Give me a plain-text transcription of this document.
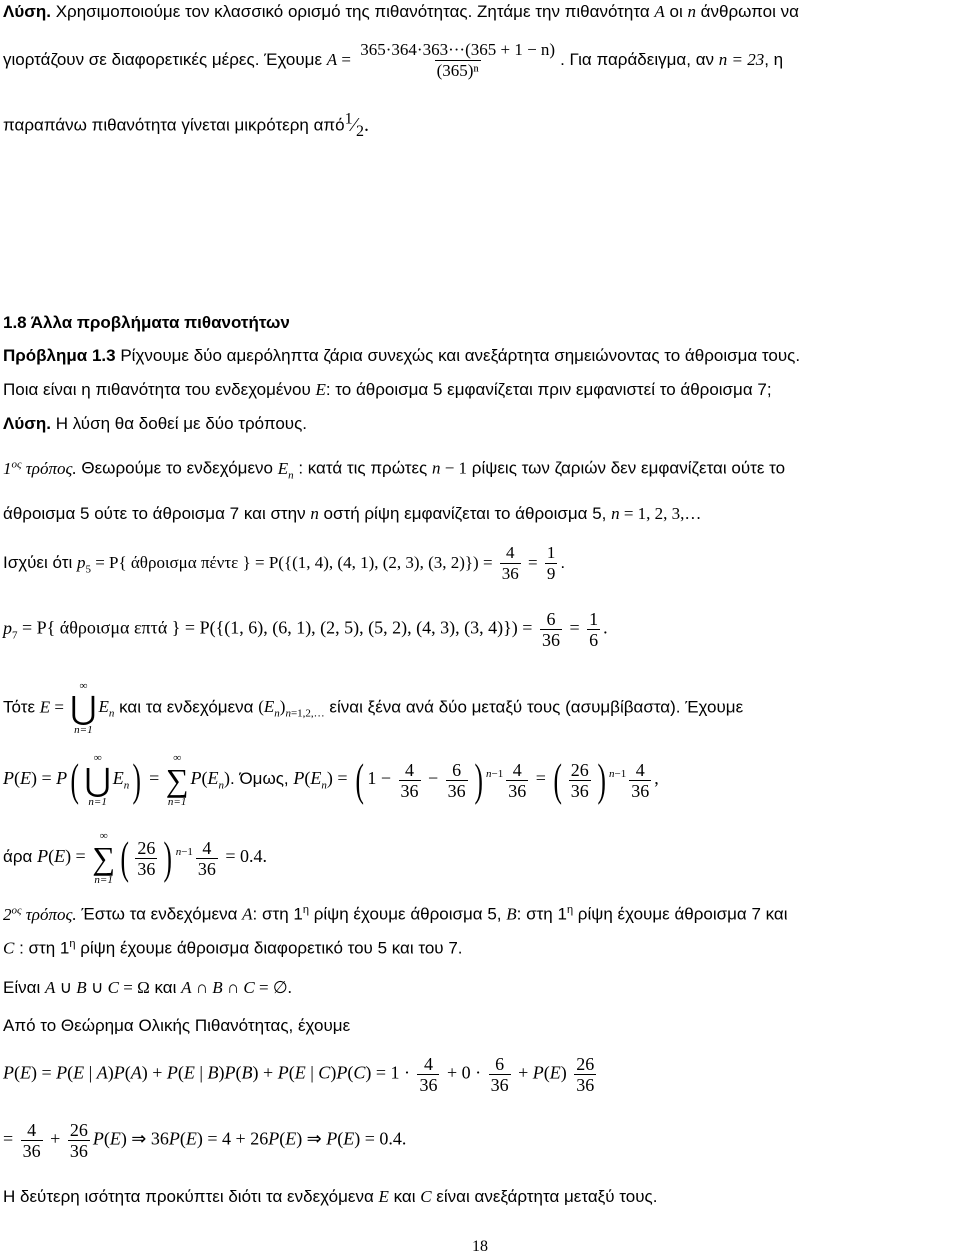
Λύση. Χρησιμοποιούμε τον κλασσικό ορισμό της πιθανότητας. Ζητάμε την πιθανότητα A οι n άνθρωποι να
γιορτάζουν σε διαφορετικές μέρες. Έχουμε $A = \frac{365\cdot 364\cdot 363\cdot\cdot\cdot(365 + 1 - n)}{\text{(365)ⁿ}}$ . Για παράδειγμα, αν n = 23, η
παραπάνω πιθανότητα γίνεται μικρότερη $\alpha\pi ό^1⁄_2$.
1.8 Άλλα προβλήματα πιθανοτήτων
Πρόβλημα 1.3 Ρίχνουμε δύο αμερόληπτα ζάρια συνεχώς και ανεξάρτητα σημειώνοντας το άθροισμα τους.
Ποια είναι η πιθανότητα του ενδεχομένου E: το άθροισμα 5 εμφανίζεται πριν εμφανιστεί το άθροισμα 7;
Λύση. Η λύση θα δοθεί με δύο τρόπους.
$1^{o\varsigma}$ τρόπος. Θεωρούμε το ενδεχόμενο $E_n$ : κατά τις πρώτες n − 1 ρίψεις των ζαριών δεν εμφανίζεται ούτε το
άθροισμα 5 ούτε το άθροισμα 7 και στην n οστή ρίψη εμφανίζεται το άθροισμα 5, n = 1, 2, 3,…
Ισχύει ότι $p_5 = P${ άθροισμα πέντε } = P({(1, 4), (4, 1), (2, 3), (3, $2)\}) = \frac{4}{36} = \frac{1}{9}$ .
$p_7 = P${ άθροισμα επτά } = P({(1, 6), (6, 1), (2, 5), (5, 2), (4, 3), (3, $4)\}) = \frac{6}{36} = \frac{1}{6}$ .
Τότε E =
∞
⋃
n=1
$E_n$ και τα ενδεχόμενα $(E_n)_{n=1,2,\dots}$ είναι ξένα ανά δύο μεταξύ τους (ασυμβίβαστα). Έχουμε
P(E) = P( ∞
⋃
n=1
$E_n$) =
∞
∑
n=1
$P(E_n)$. Όμως, $P(E_n)$ = ( $1 - \frac{4}{36} - \frac{6}{36}$ ) $^{n-1} \frac{4}{36}$ = ( $\frac{26}{36}$ ) $^{n-1} \frac{4}{36}$ ,
άρα P(E) =
∞
∑
n=1 ( $\frac{26}{36}$ ) $^{n-1} \frac{4}{36} = 0.4$.
$2^{o\varsigma}$ τρόπος. Έστω τα ενδεχόμενα A: στη $1^\eta$ ρίψη έχουμε άθροισμα 5, B: στη $1^\eta$ ρίψη έχουμε άθροισμα 7 και
C : στη $1^\eta$ ρίψη έχουμε άθροισμα διαφορετικό του 5 και του 7.
Είναι A ∪ B ∪ C = Ω και A ∩ B ∩ C = ∅.
Από το Θεώρημα Ολικής Πιθανότητας, έχουμε
P(E) = P(E | A)P(A) + P(E | B)P(B) + P(E | $C)P(C) = 1 \cdot \frac{4}{36} + 0 \cdot \frac{6}{36} + P(E) \frac{26}{36}$
= $\frac{4}{36} + \frac{26}{36} P(E)$ ⇒ 36P(E) = 4 + 26P(E) ⇒ P(E) = 0.4.
Η δεύτερη ισότητα προκύπτει διότι τα ενδεχόμενα E και C είναι ανεξάρτητα μεταξύ τους.
18
